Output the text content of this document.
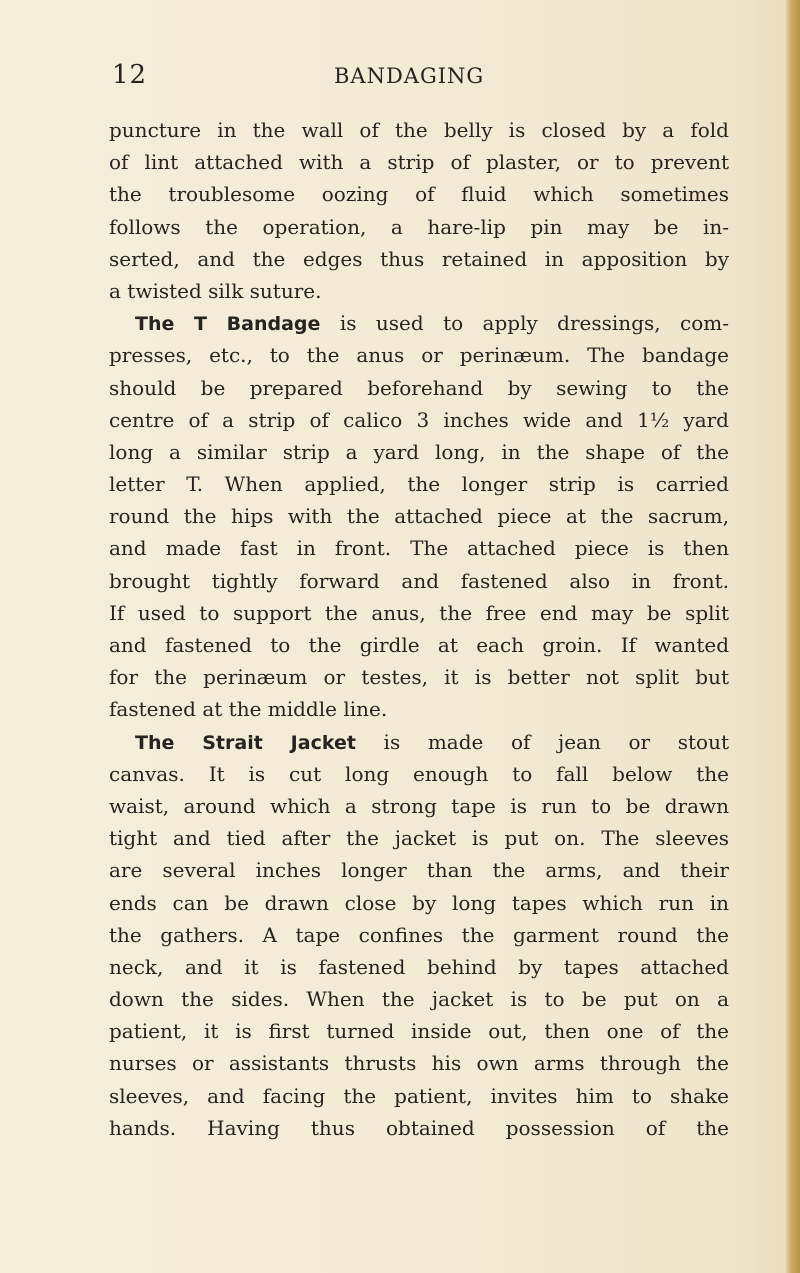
12	BANDAGING

puncture in the wall of the belly is closed by a fold
of lint attached with a strip of plaster, or to prevent
the troublesome oozing of fluid which sometimes
follows the operation, a hare-lip pin may be in-
serted, and the edges thus retained in apposition by
a twisted silk suture.

The T Bandage is used to apply dressings, com-
presses, etc., to the anus or perinæum. The bandage
should be prepared beforehand by sewing to the
centre of a strip of calico 3 inches wide and 1½ yard
long a similar strip a yard long, in the shape of the
letter T. When applied, the longer strip is carried
round the hips with the attached piece at the sacrum,
and made fast in front. The attached piece is then
brought tightly forward and fastened also in front.
If used to support the anus, the free end may be split
and fastened to the girdle at each groin. If wanted
for the perinæum or testes, it is better not split but
fastened at the middle line.

The Strait Jacket is made of jean or stout
canvas. It is cut long enough to fall below the
waist, around which a strong tape is run to be drawn
tight and tied after the jacket is put on. The sleeves
are several inches longer than the arms, and their
ends can be drawn close by long tapes which run in
the gathers. A tape confines the garment round the
neck, and it is fastened behind by tapes attached
down the sides. When the jacket is to be put on a
patient, it is first turned inside out, then one of the
nurses or assistants thrusts his own arms through the
sleeves, and facing the patient, invites him to shake
hands. Having thus obtained possession of the
